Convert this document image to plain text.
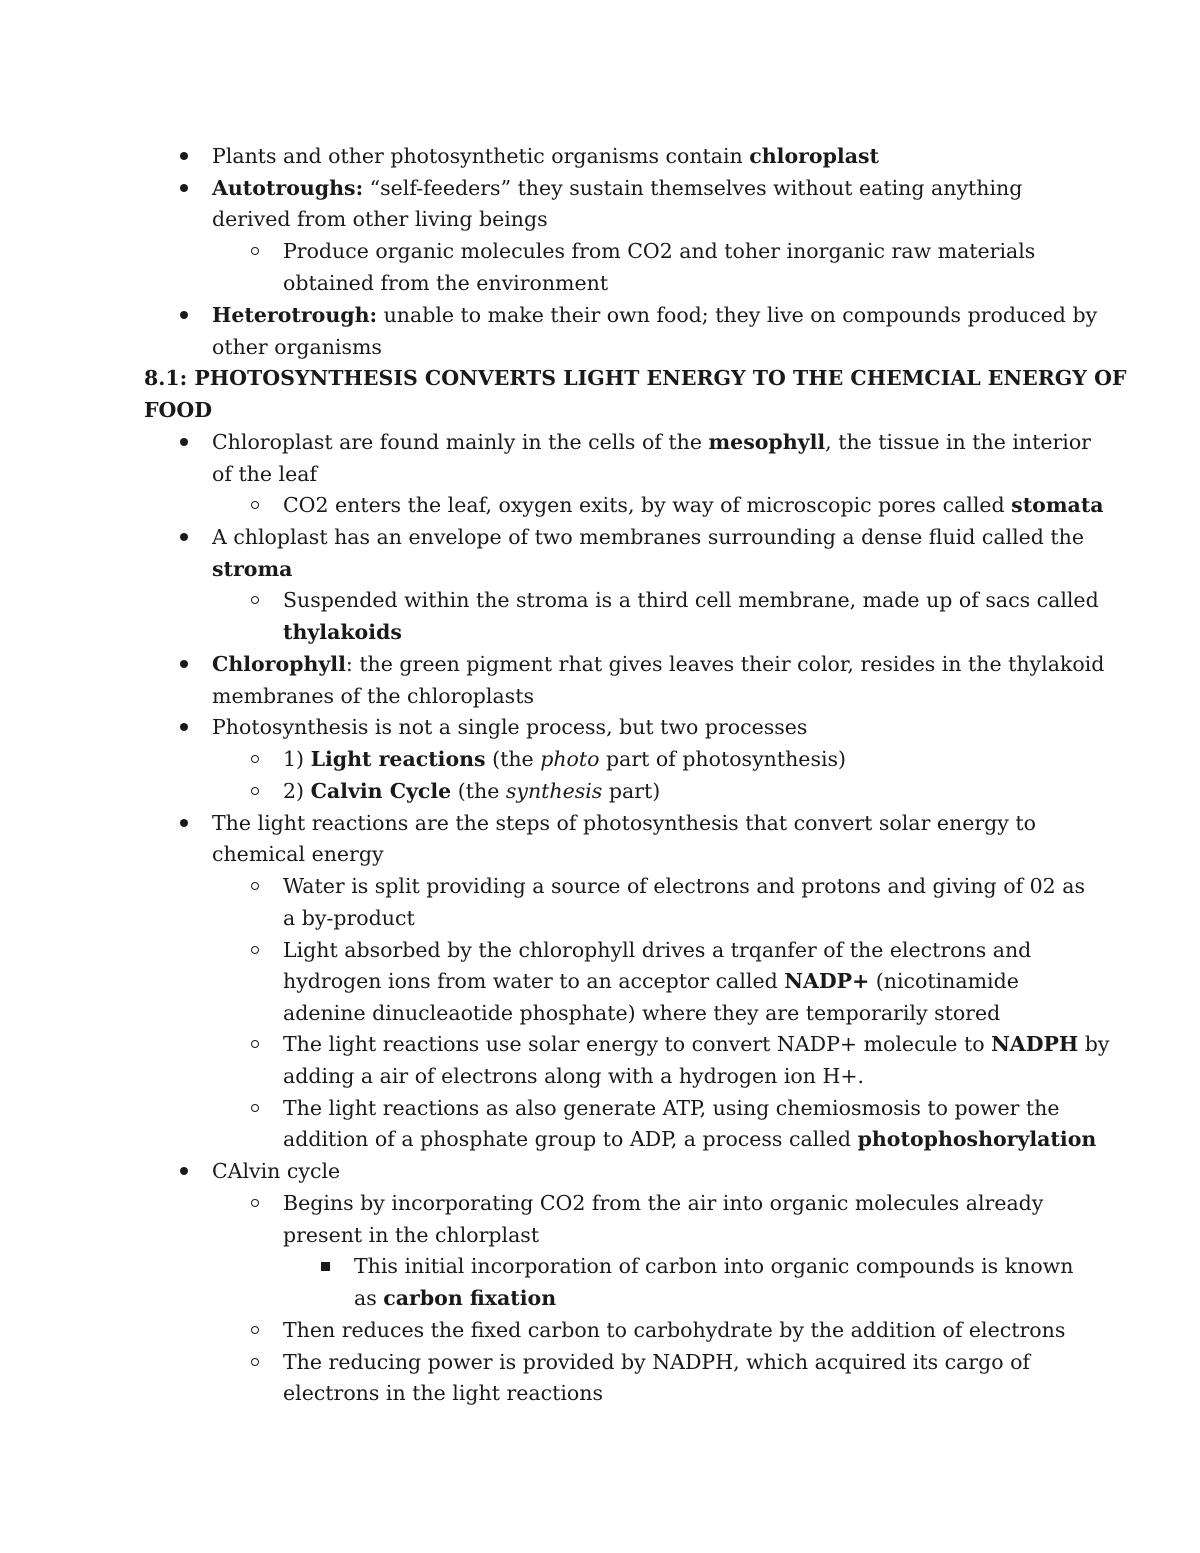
Plants and other photosynthetic organisms contain chloroplast
Autotroughs: “self-feeders” they sustain themselves without eating anything
derived from other living beings
Produce organic molecules from CO2 and toher inorganic raw materials
obtained from the environment
Heterotrough: unable to make their own food; they live on compounds produced by
other organisms
8.1: PHOTOSYNTHESIS CONVERTS LIGHT ENERGY TO THE CHEMCIAL ENERGY OF
FOOD
Chloroplast are found mainly in the cells of the mesophyll, the tissue in the interior
of the leaf
CO2 enters the leaf, oxygen exits, by way of microscopic pores called stomata
A chloplast has an envelope of two membranes surrounding a dense fluid called the
stroma
Suspended within the stroma is a third cell membrane, made up of sacs called
thylakoids
Chlorophyll: the green pigment rhat gives leaves their color, resides in the thylakoid
membranes of the chloroplasts
Photosynthesis is not a single process, but two processes
1) Light reactions (the photo part of photosynthesis)
2) Calvin Cycle (the synthesis part)
The light reactions are the steps of photosynthesis that convert solar energy to
chemical energy
Water is split providing a source of electrons and protons and giving of 02 as
a by-product
Light absorbed by the chlorophyll drives a trqanfer of the electrons and
hydrogen ions from water to an acceptor called NADP+ (nicotinamide
adenine dinucleaotide phosphate) where they are temporarily stored
The light reactions use solar energy to convert NADP+ molecule to NADPH by
adding a air of electrons along with a hydrogen ion H+.
The light reactions as also generate ATP, using chemiosmosis to power the
addition of a phosphate group to ADP, a process called photophoshorylation
CAlvin cycle
Begins by incorporating CO2 from the air into organic molecules already
present in the chlorplast
This initial incorporation of carbon into organic compounds is known
as carbon fixation
Then reduces the fixed carbon to carbohydrate by the addition of electrons
The reducing power is provided by NADPH, which acquired its cargo of
electrons in the light reactions
